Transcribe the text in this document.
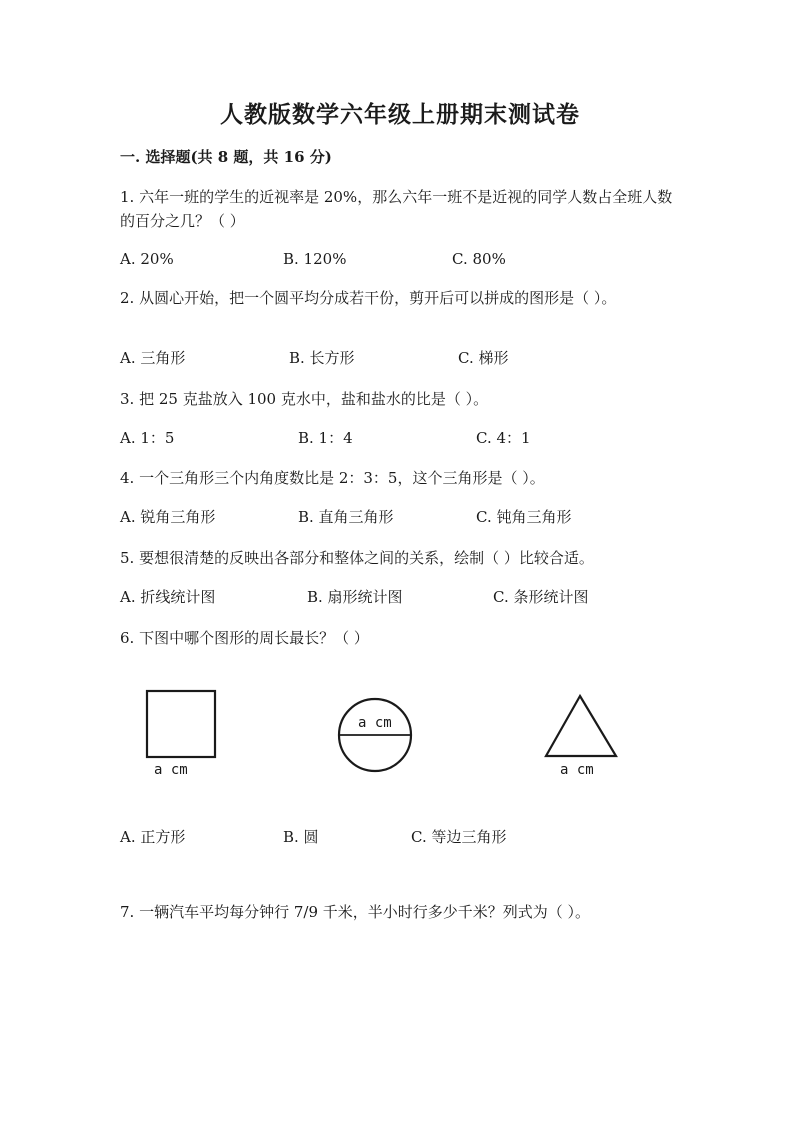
人教版数学六年级上册期末测试卷
一. 选择题(共 8 题，共 16 分)
1. 六年一班的学生的近视率是 20%，那么六年一班不是近视的同学人数占全班人数的百分之几？（ ）
A. 20%	B. 120%	C. 80%
2. 从圆心开始，把一个圆平均分成若干份，剪开后可以拼成的图形是（ ）。
A. 三角形	B. 长方形	C. 梯形
3. 把 25 克盐放入 100 克水中，盐和盐水的比是（ ）。
A. 1：5	B. 1：4	C. 4：1
4. 一个三角形三个内角度数比是 2：3：5，这个三角形是（ ）。
A. 锐角三角形	B. 直角三角形	C. 钝角三角形
5. 要想很清楚的反映出各部分和整体之间的关系，绘制（ ）比较合适。
A. 折线统计图	B. 扇形统计图	C. 条形统计图
6. 下图中哪个图形的周长最长？（ ）
a cm
a cm
a cm
A. 正方形	B. 圆	C. 等边三角形
7. 一辆汽车平均每分钟行 7/9 千米，半小时行多少千米？列式为（ ）。
